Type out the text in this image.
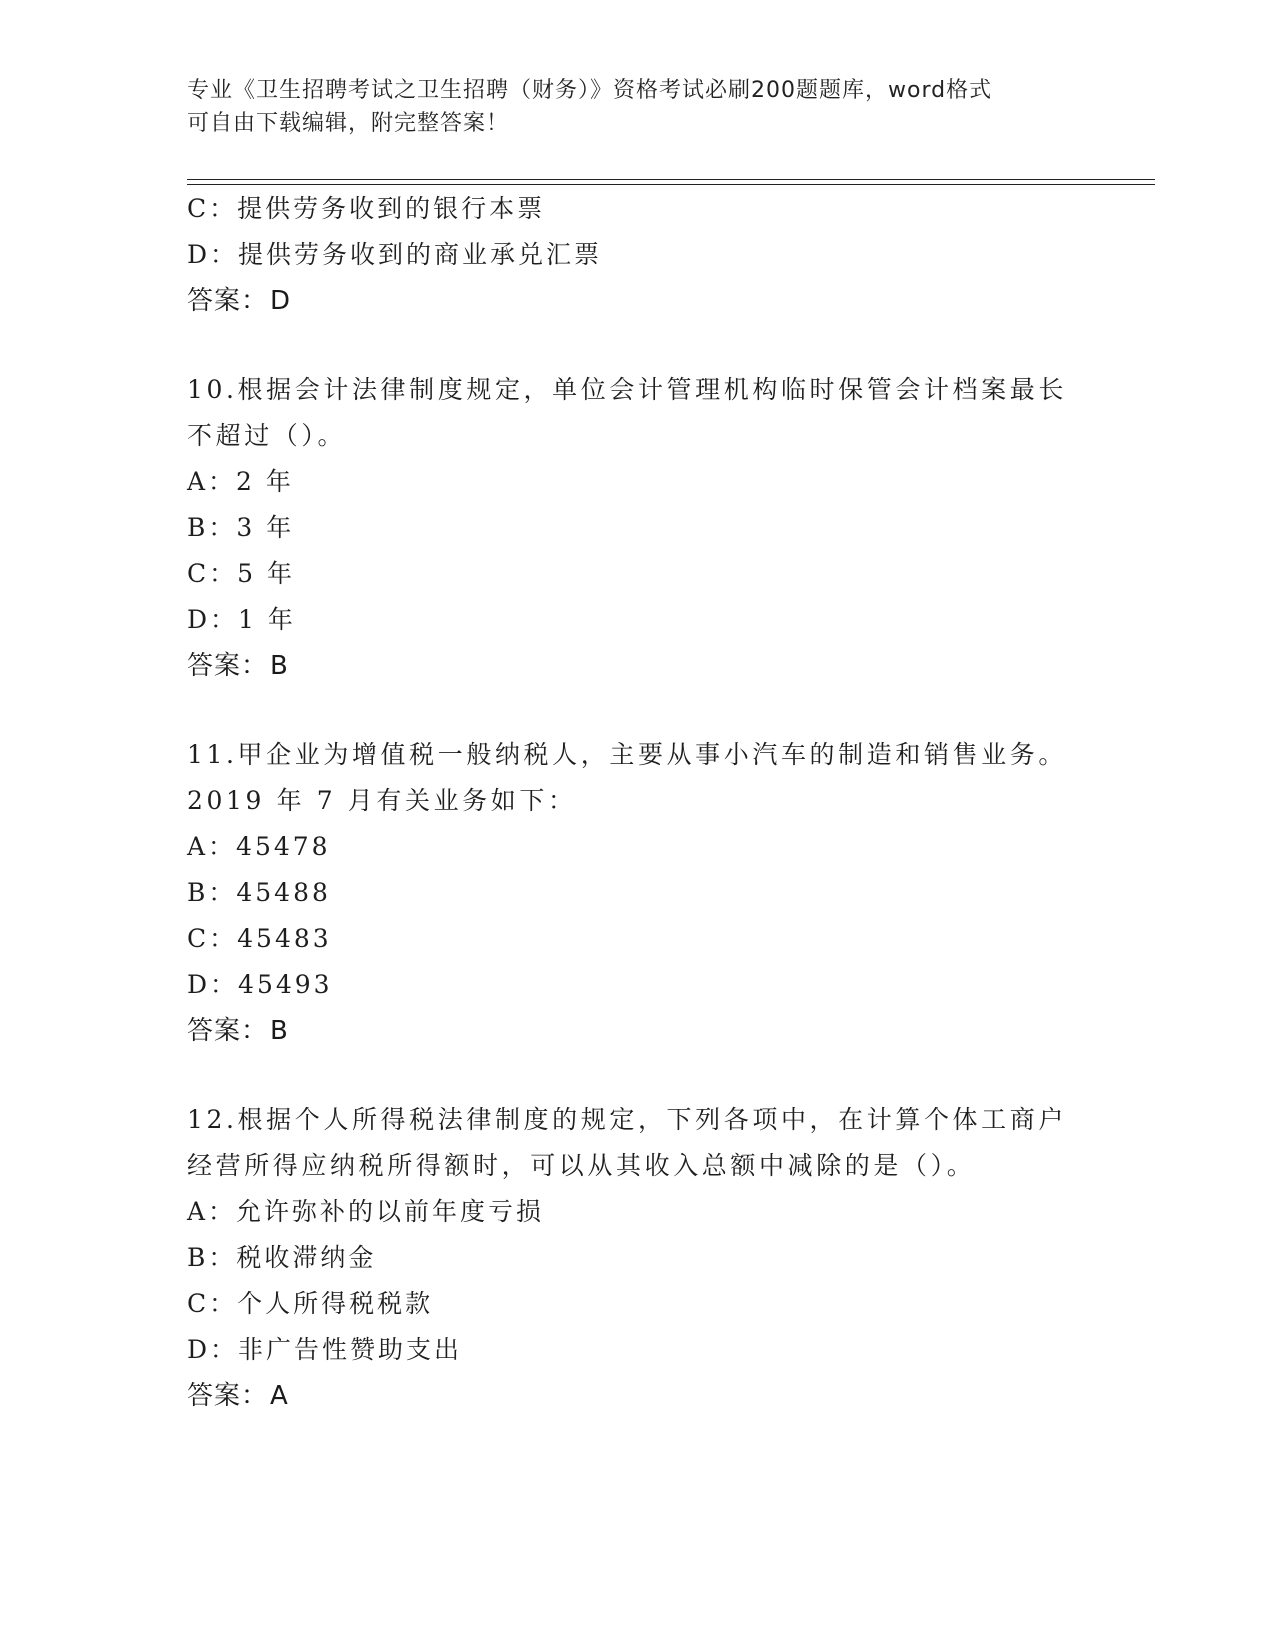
专业《卫生招聘考试之卫生招聘（财务）》资格考试必刷200题题库，word格式
可自由下载编辑，附完整答案！
C：提供劳务收到的银行本票
D：提供劳务收到的商业承兑汇票
答案：D
10.根据会计法律制度规定，单位会计管理机构临时保管会计档案最长
不超过（）。
A：2 年
B：3 年
C：5 年
D：1 年
答案：B
11.甲企业为增值税一般纳税人，主要从事小汽车的制造和销售业务。
2019 年 7 月有关业务如下：
A：45478
B：45488
C：45483
D：45493
答案：B
12.根据个人所得税法律制度的规定，下列各项中，在计算个体工商户
经营所得应纳税所得额时，可以从其收入总额中减除的是（）。
A：允许弥补的以前年度亏损
B：税收滞纳金
C：个人所得税税款
D：非广告性赞助支出
答案：A
